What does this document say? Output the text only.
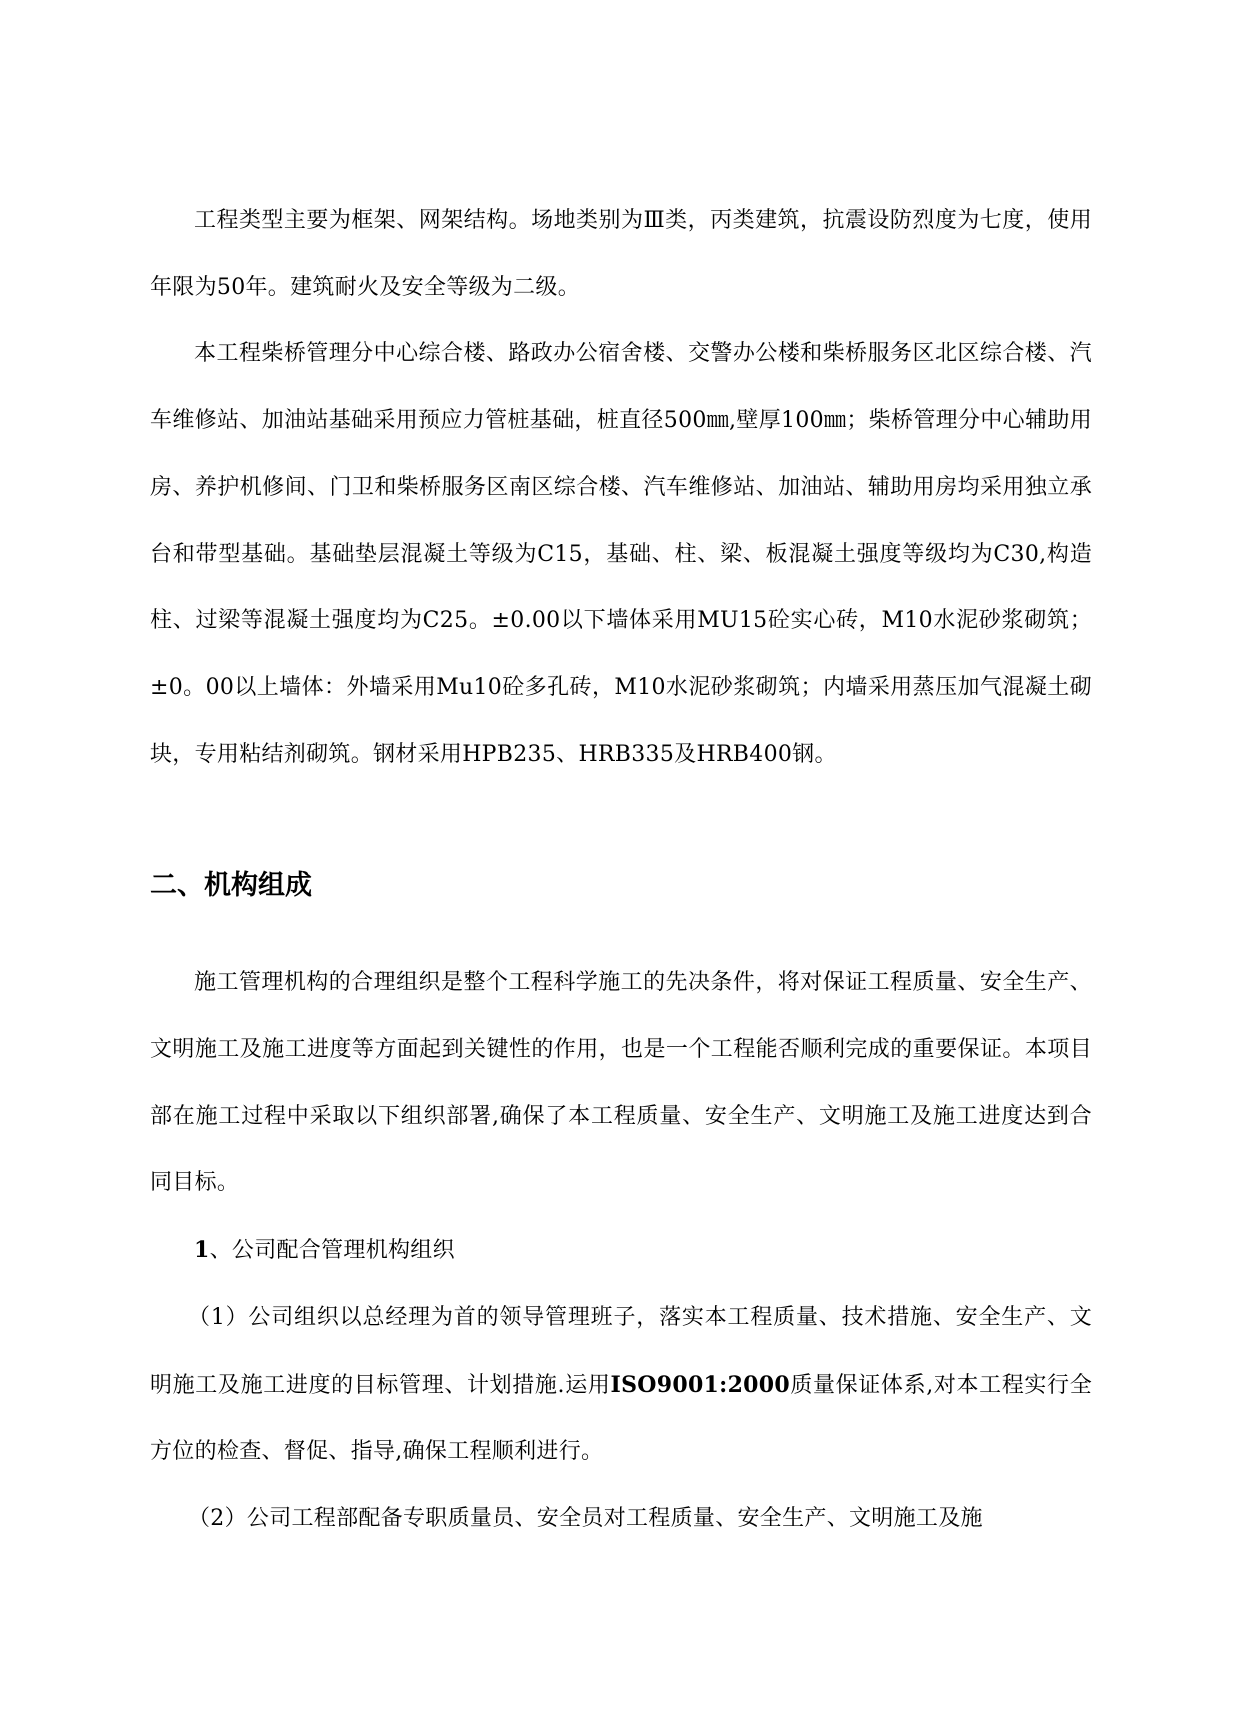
工程类型主要为框架、网架结构。场地类别为Ⅲ类，丙类建筑，抗震设防烈度为七度，使用年限为50年。建筑耐火及安全等级为二级。

本工程柴桥管理分中心综合楼、路政办公宿舍楼、交警办公楼和柴桥服务区北区综合楼、汽车维修站、加油站基础采用预应力管桩基础，桩直径500㎜,壁厚100㎜；柴桥管理分中心辅助用房、养护机修间、门卫和柴桥服务区南区综合楼、汽车维修站、加油站、辅助用房均采用独立承台和带型基础。基础垫层混凝土等级为C15，基础、柱、梁、板混凝土强度等级均为C30,构造柱、过梁等混凝土强度均为C25。±0.00以下墙体采用MU15砼实心砖，M10水泥砂浆砌筑；±0。00以上墙体：外墙采用Mu10砼多孔砖，M10水泥砂浆砌筑；内墙采用蒸压加气混凝土砌块，专用粘结剂砌筑。钢材采用HPB235、HRB335及HRB400钢。

二、机构组成

施工管理机构的合理组织是整个工程科学施工的先决条件，将对保证工程质量、安全生产、文明施工及施工进度等方面起到关键性的作用，也是一个工程能否顺利完成的重要保证。本项目部在施工过程中采取以下组织部署,确保了本工程质量、安全生产、文明施工及施工进度达到合同目标。

1、公司配合管理机构组织

（1）公司组织以总经理为首的领导管理班子，落实本工程质量、技术措施、安全生产、文明施工及施工进度的目标管理、计划措施.运用ISO9001:2000质量保证体系,对本工程实行全方位的检查、督促、指导,确保工程顺利进行。

（2）公司工程部配备专职质量员、安全员对工程质量、安全生产、文明施工及施
